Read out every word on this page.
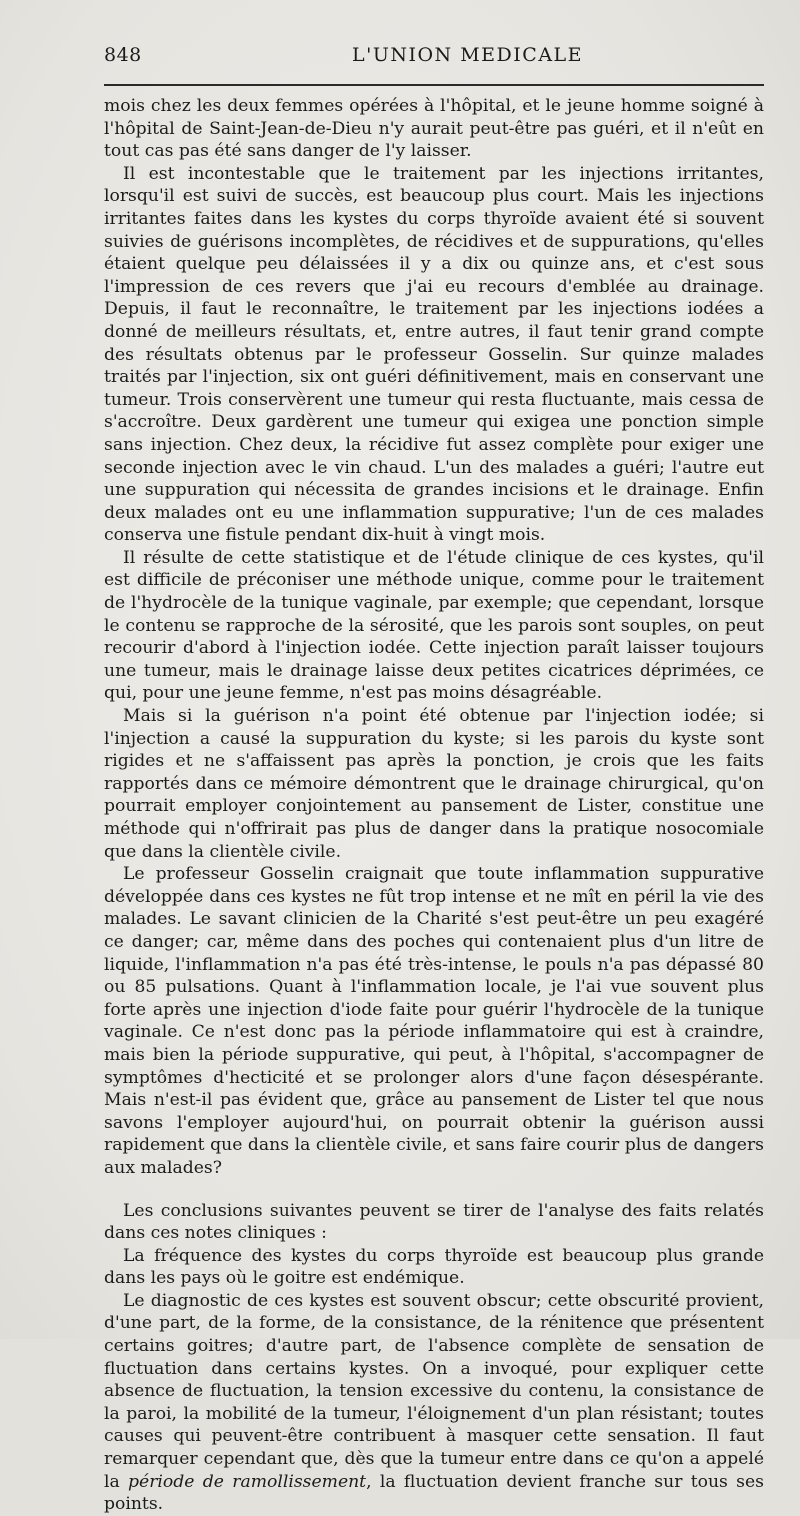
848	L'UNION MEDICALE

mois chez les deux femmes opérées à l'hôpital, et le jeune homme soigné à l'hôpital de Saint-Jean-de-Dieu n'y aurait peut-être pas guéri, et il n'eût en tout cas pas été sans danger de l'y laisser.

Il est incontestable que le traitement par les injections irritantes, lorsqu'il est suivi de succès, est beaucoup plus court. Mais les injections irritantes faites dans les kystes du corps thyroïde avaient été si souvent suivies de guérisons incomplètes, de récidives et de suppurations, qu'elles étaient quelque peu délaissées il y a dix ou quinze ans, et c'est sous l'impression de ces revers que j'ai eu recours d'emblée au drainage. Depuis, il faut le reconnaître, le traitement par les injections iodées a donné de meilleurs résultats, et, entre autres, il faut tenir grand compte des résultats obtenus par le professeur Gosselin. Sur quinze malades traités par l'injection, six ont guéri définitivement, mais en conservant une tumeur. Trois conservèrent une tumeur qui resta fluctuante, mais cessa de s'accroître. Deux gardèrent une tumeur qui exigea une ponction simple sans injection. Chez deux, la récidive fut assez complète pour exiger une seconde injection avec le vin chaud. L'un des malades a guéri; l'autre eut une suppuration qui nécessita de grandes incisions et le drainage. Enfin deux malades ont eu une inflammation suppurative; l'un de ces malades conserva une fistule pendant dix-huit à vingt mois.

Il résulte de cette statistique et de l'étude clinique de ces kystes, qu'il est difficile de préconiser une méthode unique, comme pour le traitement de l'hydrocèle de la tunique vaginale, par exemple; que cependant, lorsque le contenu se rapproche de la sérosité, que les parois sont souples, on peut recourir d'abord à l'injection iodée. Cette injection paraît laisser toujours une tumeur, mais le drainage laisse deux petites cicatrices déprimées, ce qui, pour une jeune femme, n'est pas moins désagréable.

Mais si la guérison n'a point été obtenue par l'injection iodée; si l'injection a causé la suppuration du kyste; si les parois du kyste sont rigides et ne s'affaissent pas après la ponction, je crois que les faits rapportés dans ce mémoire démontrent que le drainage chirurgical, qu'on pourrait employer conjointement au pansement de Lister, constitue une méthode qui n'offrirait pas plus de danger dans la pratique nosocomiale que dans la clientèle civile.

Le professeur Gosselin craignait que toute inflammation suppurative développée dans ces kystes ne fût trop intense et ne mît en péril la vie des malades. Le savant clinicien de la Charité s'est peut-être un peu exagéré ce danger; car, même dans des poches qui contenaient plus d'un litre de liquide, l'inflammation n'a pas été très-intense, le pouls n'a pas dépassé 80 ou 85 pulsations. Quant à l'inflammation locale, je l'ai vue souvent plus forte après une injection d'iode faite pour guérir l'hydrocèle de la tunique vaginale. Ce n'est donc pas la période inflammatoire qui est à craindre, mais bien la période suppurative, qui peut, à l'hôpital, s'accompagner de symptômes d'hecticité et se prolonger alors d'une façon désespérante. Mais n'est-il pas évident que, grâce au pansement de Lister tel que nous savons l'employer aujourd'hui, on pourrait obtenir la guérison aussi rapidement que dans la clientèle civile, et sans faire courir plus de dangers aux malades?

Les conclusions suivantes peuvent se tirer de l'analyse des faits relatés dans ces notes cliniques :

La fréquence des kystes du corps thyroïde est beaucoup plus grande dans les pays où le goitre est endémique.

Le diagnostic de ces kystes est souvent obscur; cette obscurité provient, d'une part, de la forme, de la consistance, de la rénitence que présentent certains goitres; d'autre part, de l'absence complète de sensation de fluctuation dans certains kystes. On a invoqué, pour expliquer cette absence de fluctuation, la tension excessive du contenu, la consistance de la paroi, la mobilité de la tumeur, l'éloignement d'un plan résistant; toutes causes qui peuvent-être contribuent à masquer cette sensation. Il faut remarquer cependant que, dès que la tumeur entre dans ce qu'on a appelé la période de ramollissement, la fluctuation devient franche sur tous ses points.
